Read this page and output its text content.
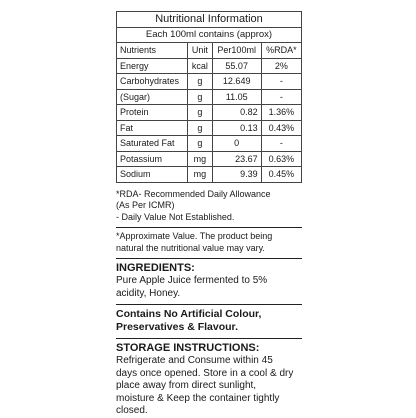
Nutritional Information			
Each 100ml contains (approx)			
Nutrients	Unit	Per100ml	%RDA*
Energy	kcal	55.07	2%
Carbohydrates	g	12.649	-
(Sugar)	g	11.05	-
Protein	g	0.82	1.36%
Fat	g	0.13	0.43%
Saturated Fat	g	0	-
Potassium	mg	23.67	0.63%
Sodium	mg	9.39	0.45%

*RDA- Recommended Daily Allowance

(As Per ICMR)

- Daily Value Not Established.

*Approximate Value. The product being

natural the nutritional value may vary.

INGREDIENTS:

Pure Apple Juice fermented to 5%

acidity, Honey.

Contains No Artificial Colour,

Preservatives & Flavour.

STORAGE INSTRUCTIONS:

Refrigerate and Consume within 45

days once opened. Store in a cool & dry

place away from direct sunlight,

moisture & Keep the container tightly

closed.
